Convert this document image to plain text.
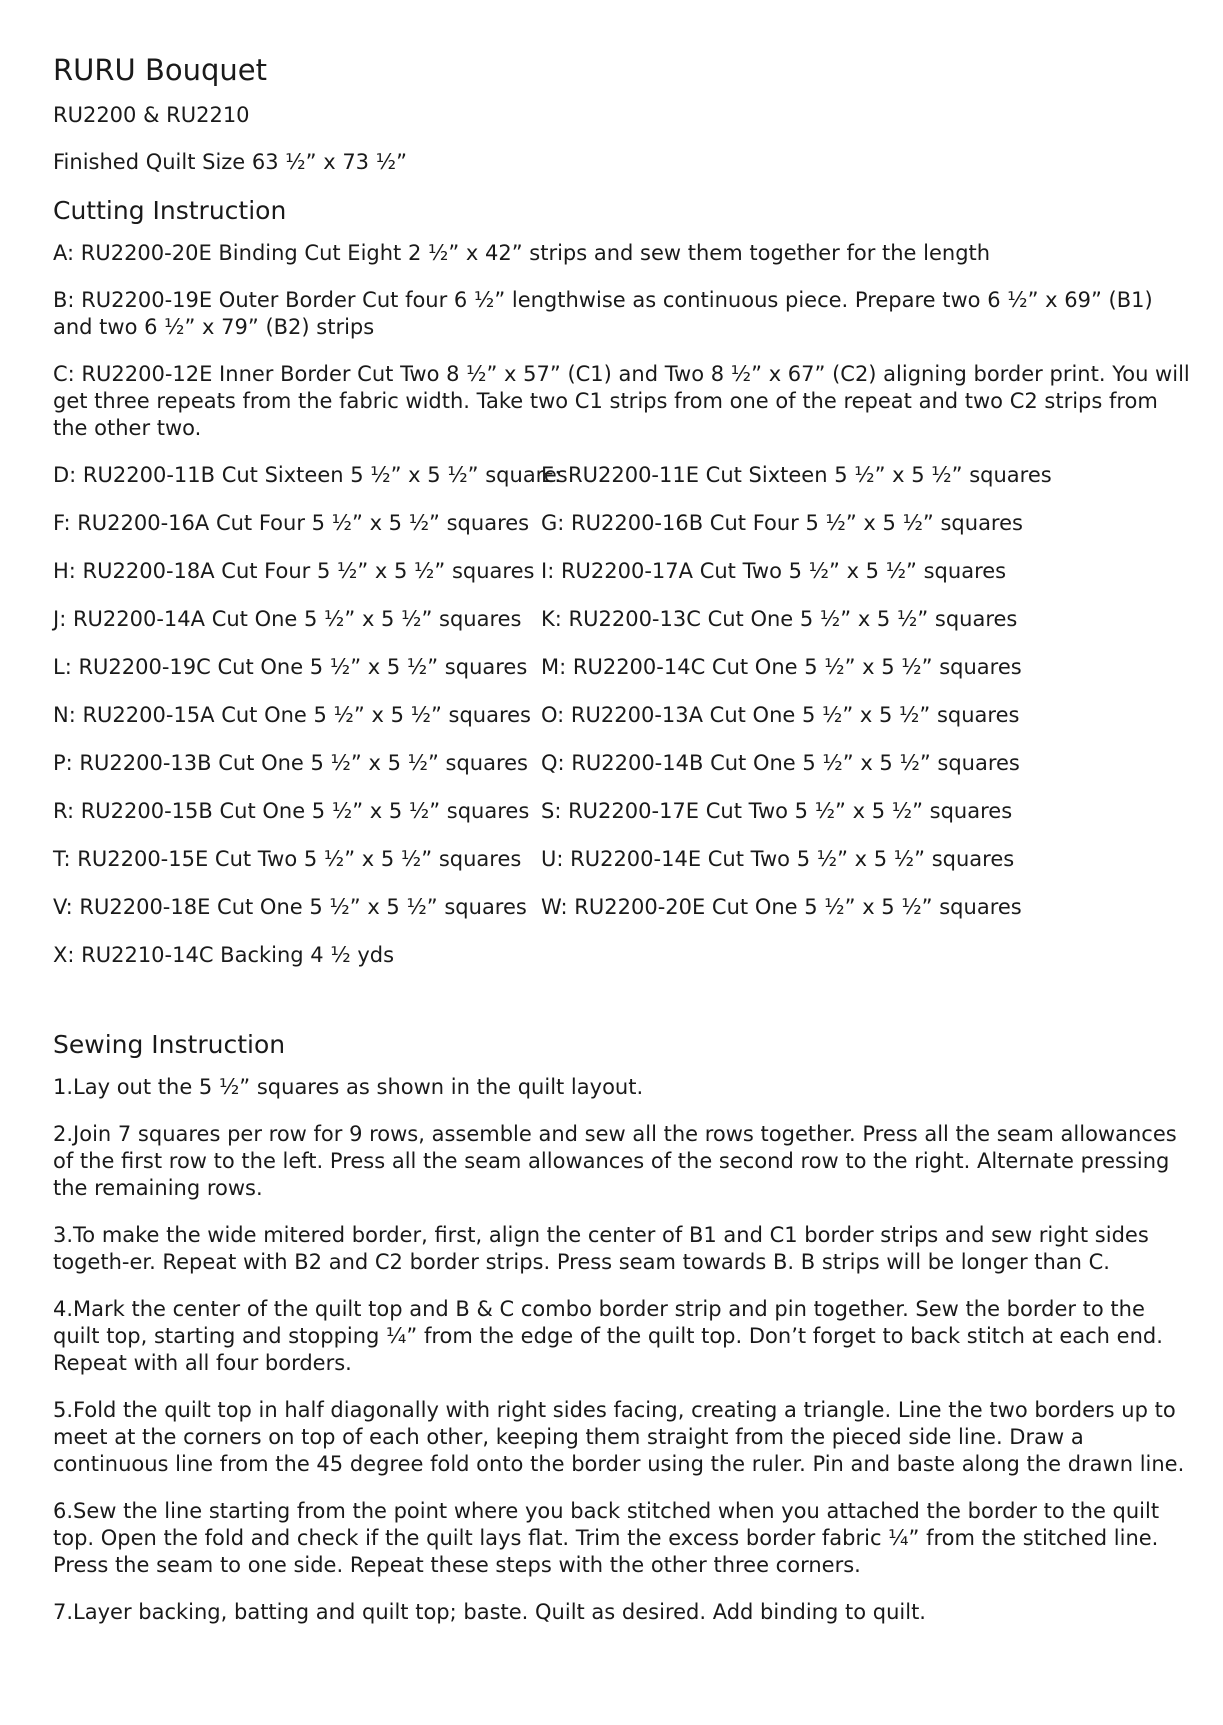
RURU Bouquet

RU2200 & RU2210

Finished Quilt Size 63 ½” x 73 ½”

Cutting Instruction

A: RU2200-20E Binding Cut Eight 2 ½” x 42” strips and sew them together for the length

B: RU2200-19E Outer Border Cut four 6 ½” lengthwise as continuous piece. Prepare two 6 ½” x 69” (B1) and two 6 ½” x 79” (B2) strips

C: RU2200-12E Inner Border Cut Two 8 ½” x 57” (C1) and Two 8 ½” x 67” (C2) aligning border print. You will get three repeats from the fabric width. Take two C1 strips from one of the repeat and two C2 strips from the other two.

D: RU2200-11B Cut Sixteen 5 ½” x 5 ½” squares
E: RU2200-11E Cut Sixteen 5 ½” x 5 ½” squares
F: RU2200-16A Cut Four 5 ½” x 5 ½” squares G: RU2200-16B Cut Four 5 ½” x 5 ½” squares
H: RU2200-18A Cut Four 5 ½” x 5 ½” squares I: RU2200-17A Cut Two 5 ½” x 5 ½” squares
J: RU2200-14A Cut One 5 ½” x 5 ½” squares K: RU2200-13C Cut One 5 ½” x 5 ½” squares
L: RU2200-19C Cut One 5 ½” x 5 ½” squares M: RU2200-14C Cut One 5 ½” x 5 ½” squares
N: RU2200-15A Cut One 5 ½” x 5 ½” squares O: RU2200-13A Cut One 5 ½” x 5 ½” squares
P: RU2200-13B Cut One 5 ½” x 5 ½” squares Q: RU2200-14B Cut One 5 ½” x 5 ½” squares
R: RU2200-15B Cut One 5 ½” x 5 ½” squares S: RU2200-17E Cut Two 5 ½” x 5 ½” squares
T: RU2200-15E Cut Two 5 ½” x 5 ½” squares U: RU2200-14E Cut Two 5 ½” x 5 ½” squares
V: RU2200-18E Cut One 5 ½” x 5 ½” squares W: RU2200-20E Cut One 5 ½” x 5 ½” squares
X: RU2210-14C Backing 4 ½ yds
Sewing Instruction

1.Lay out the 5 ½” squares as shown in the quilt layout.

2.Join 7 squares per row for 9 rows, assemble and sew all the rows together. Press all the seam allowances of the first row to the left. Press all the seam allowances of the second row to the right. Alternate pressing the remaining rows.

3.To make the wide mitered border, first, align the center of B1 and C1 border strips and sew right sides togeth-er. Repeat with B2 and C2 border strips. Press seam towards B. B strips will be longer than C.

4.Mark the center of the quilt top and B & C combo border strip and pin together. Sew the border to the quilt top, starting and stopping ¼” from the edge of the quilt top. Don’t forget to back stitch at each end. Repeat with all four borders.

5.Fold the quilt top in half diagonally with right sides facing, creating a triangle. Line the two borders up to meet at the corners on top of each other, keeping them straight from the pieced side line. Draw a continuous line from the 45 degree fold onto the border using the ruler. Pin and baste along the drawn line.

6.Sew the line starting from the point where you back stitched when you attached the border to the quilt top. Open the fold and check if the quilt lays flat. Trim the excess border fabric ¼” from the stitched line. Press the seam to one side. Repeat these steps with the other three corners.

7.Layer backing, batting and quilt top; baste. Quilt as desired. Add binding to quilt.
